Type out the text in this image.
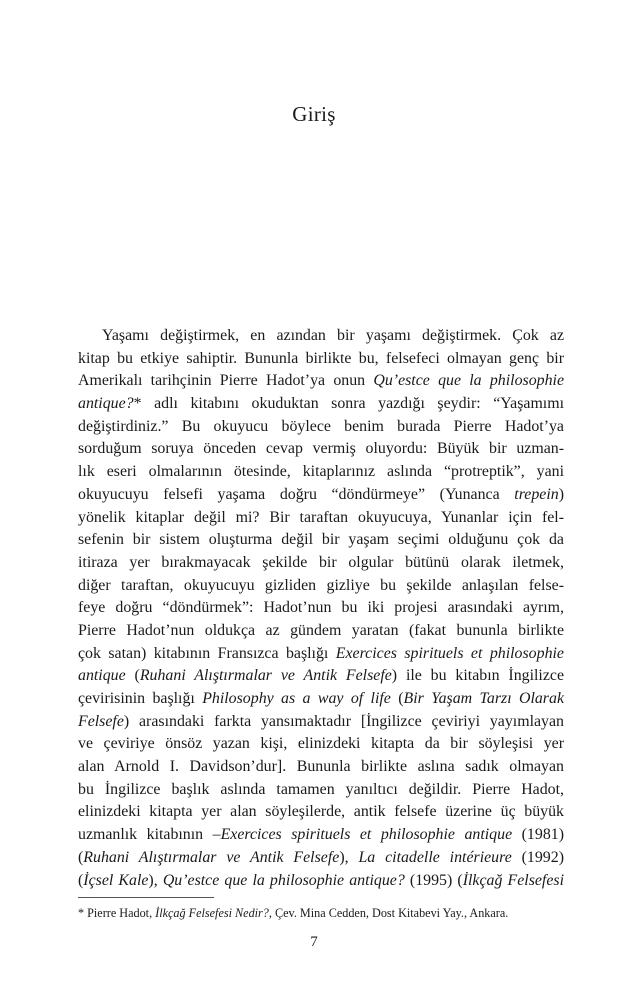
Giriş
Yaşamı değiştirmek, en azından bir yaşamı değiştirmek. Çok az
kitap bu etkiye sahiptir. Bununla birlikte bu, felsefeci olmayan genç bir
Amerikalı tarihçinin Pierre Hadot’ya onun Qu’estce que la philosophie
antique?* adlı kitabını okuduktan sonra yazdığı şeydir: “Yaşamımı
değiştirdiniz.” Bu okuyucu böylece benim burada Pierre Hadot’ya
sorduğum soruya önceden cevap vermiş oluyordu: Büyük bir uzman-
lık eseri olmalarının ötesinde, kitaplarınız aslında “protreptik”, yani
okuyucuyu felsefi yaşama doğru “döndürmeye” (Yunanca trepein)
yönelik kitaplar değil mi? Bir taraftan okuyucuya, Yunanlar için fel-
sefenin bir sistem oluşturma değil bir yaşam seçimi olduğunu çok da
itiraza yer bırakmayacak şekilde bir olgular bütünü olarak iletmek,
diğer taraftan, okuyucuyu gizliden gizliye bu şekilde anlaşılan felse-
feye doğru “döndürmek”: Hadot’nun bu iki projesi arasındaki ayrım,
Pierre Hadot’nun oldukça az gündem yaratan (fakat bununla birlikte
çok satan) kitabının Fransızca başlığı Exercices spirituels et philosophie
antique (Ruhani Alıştırmalar ve Antik Felsefe) ile bu kitabın İngilizce
çevirisinin başlığı Philosophy as a way of life (Bir Yaşam Tarzı Olarak
Felsefe) arasındaki farkta yansımaktadır [İngilizce çeviriyi yayımlayan
ve çeviriye önsöz yazan kişi, elinizdeki kitapta da bir söyleşisi yer
alan Arnold I. Davidson’dur]. Bununla birlikte aslına sadık olmayan
bu İngilizce başlık aslında tamamen yanıltıcı değildir. Pierre Hadot,
elinizdeki kitapta yer alan söyleşilerde, antik felsefe üzerine üç büyük
uzmanlık kitabının –Exercices spirituels et philosophie antique (1981)
(Ruhani Alıştırmalar ve Antik Felsefe), La citadelle intérieure (1992)
(İçsel Kale), Qu’estce que la philosophie antique? (1995) (İlkçağ Felsefesi
* Pierre Hadot, İlkçağ Felsefesi Nedir?, Çev. Mina Cedden, Dost Kitabevi Yay., Ankara.
7
